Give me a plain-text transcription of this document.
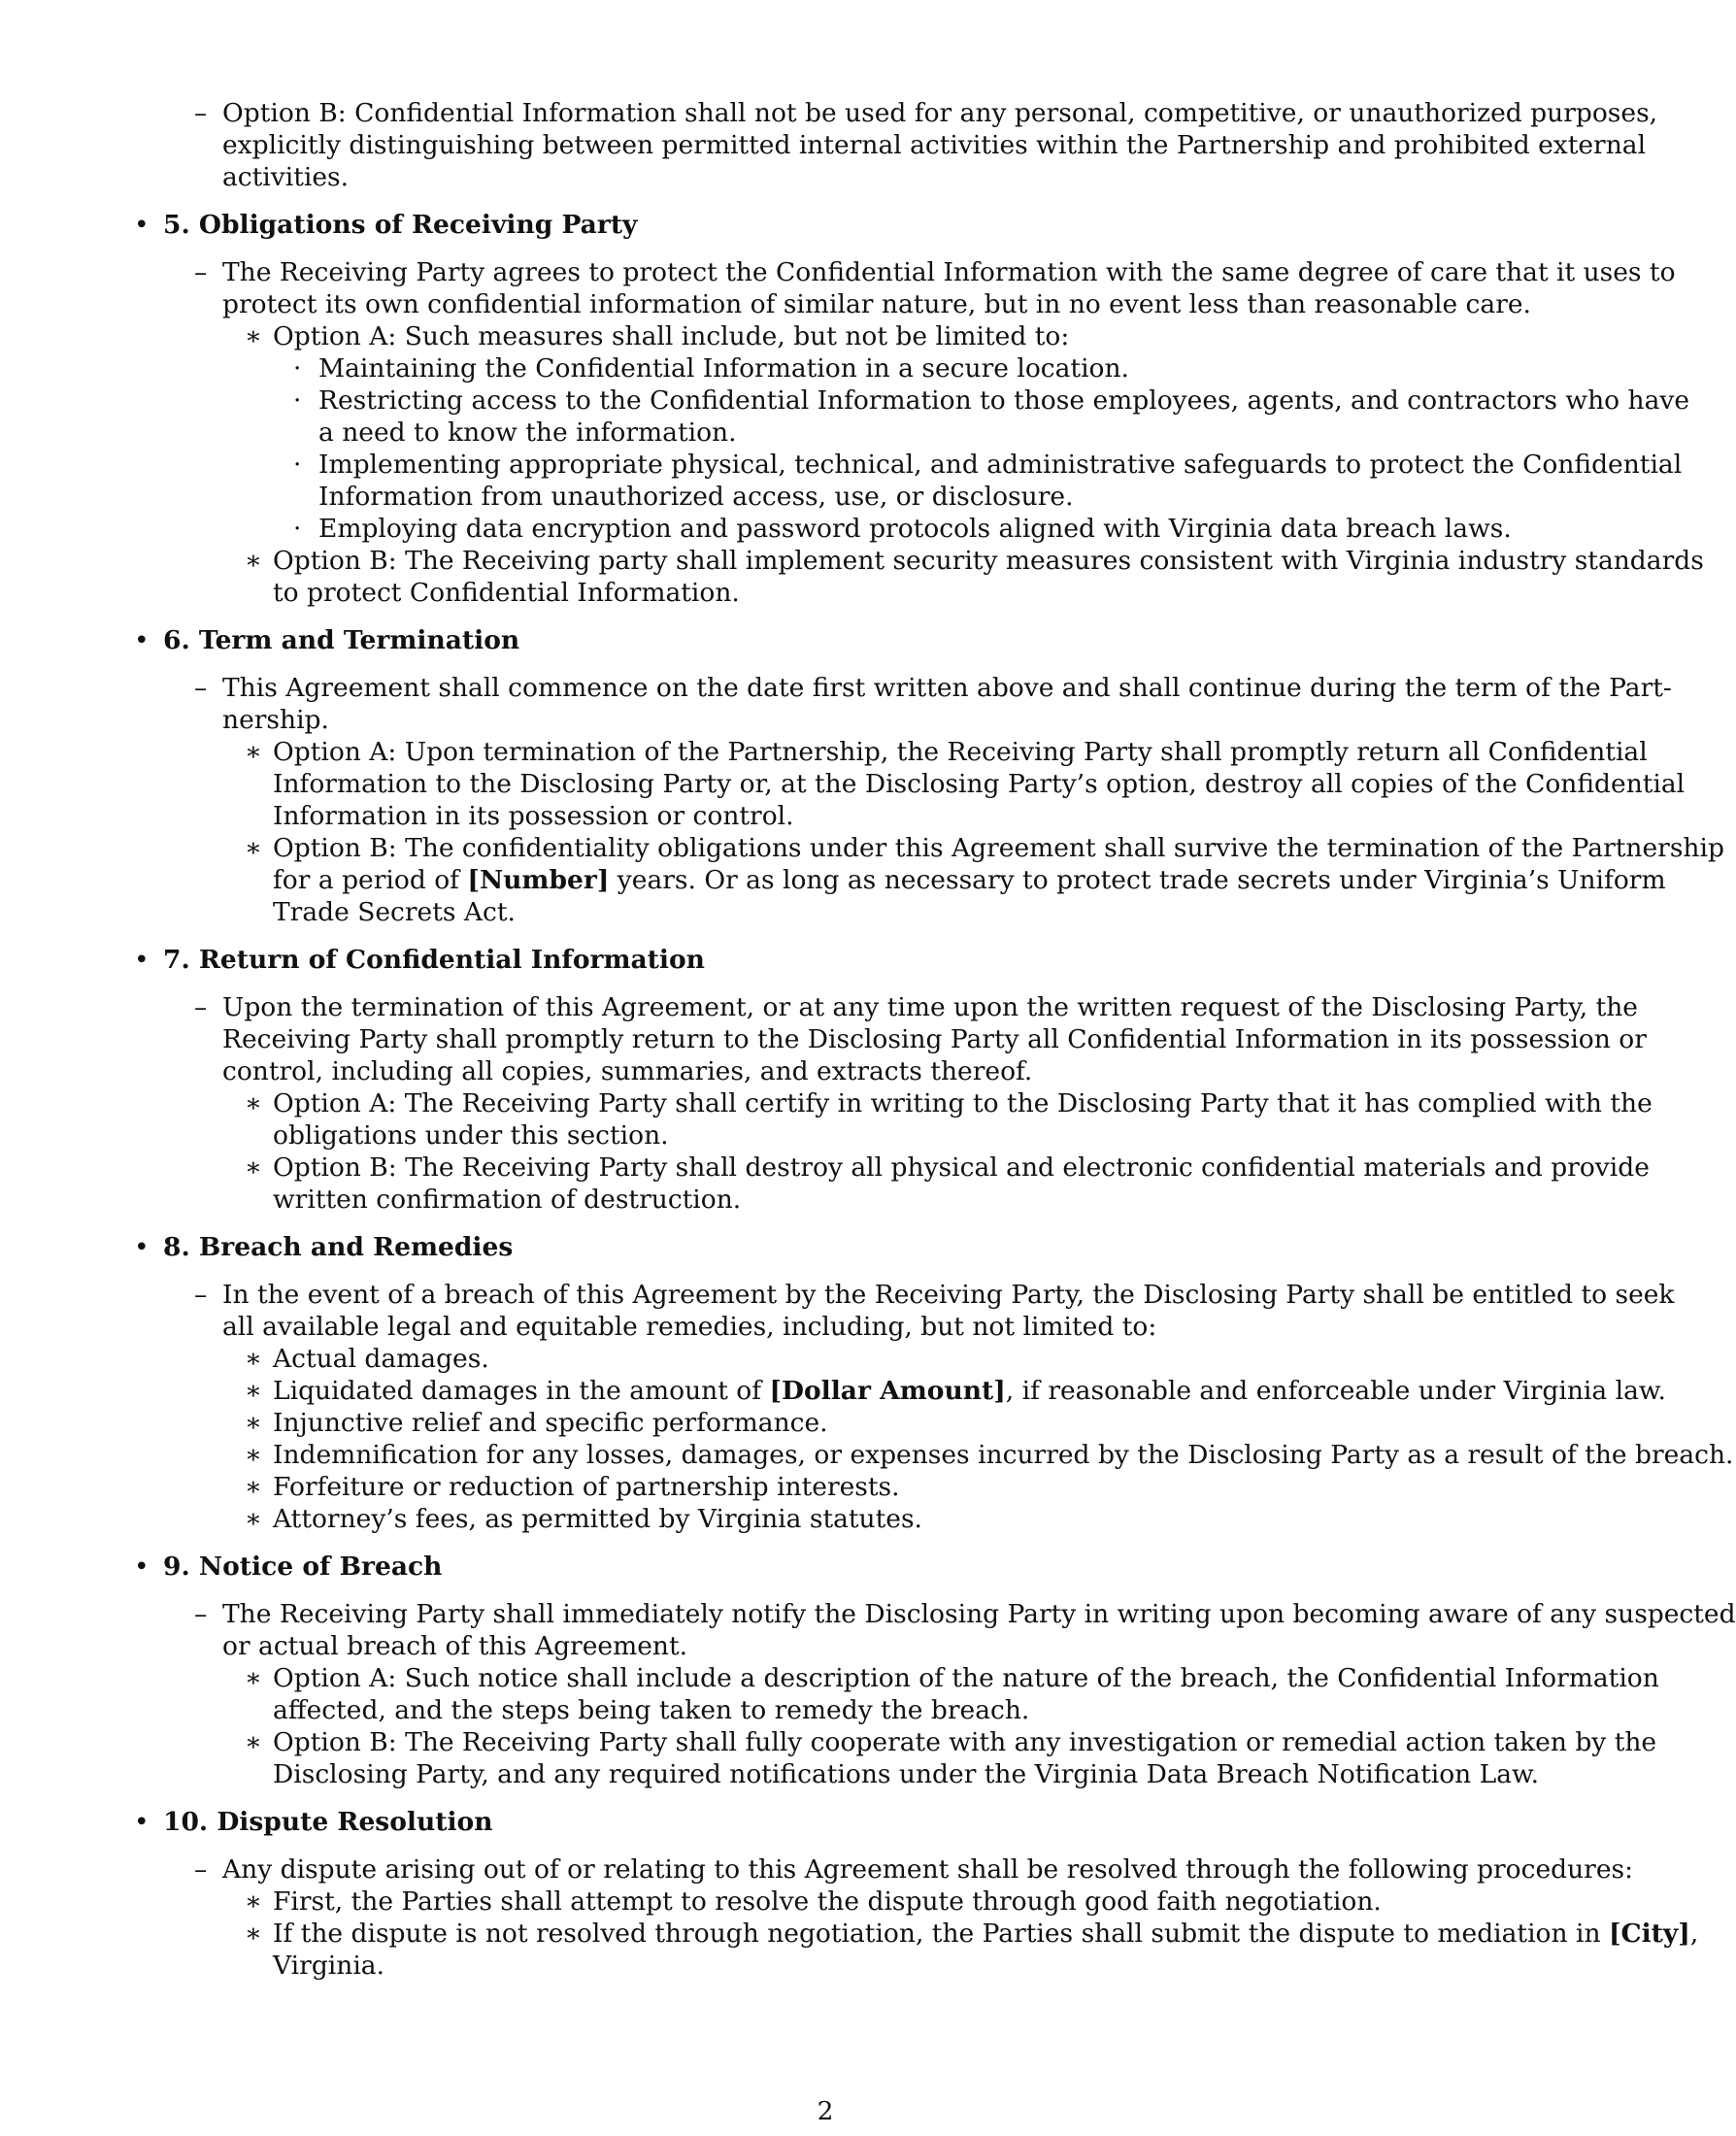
– Option B: Confidential Information shall not be used for any personal, competitive, or unauthorized purposes,
explicitly distinguishing between permitted internal activities within the Partnership and prohibited external
activities.
• 5. Obligations of Receiving Party
– The Receiving Party agrees to protect the Confidential Information with the same degree of care that it uses to
protect its own confidential information of similar nature, but in no event less than reasonable care.
∗ Option A: Such measures shall include, but not be limited to:
· Maintaining the Confidential Information in a secure location.
· Restricting access to the Confidential Information to those employees, agents, and contractors who have
a need to know the information.
· Implementing appropriate physical, technical, and administrative safeguards to protect the Confidential
Information from unauthorized access, use, or disclosure.
· Employing data encryption and password protocols aligned with Virginia data breach laws.
∗ Option B: The Receiving party shall implement security measures consistent with Virginia industry standards
to protect Confidential Information.
• 6. Term and Termination
– This Agreement shall commence on the date first written above and shall continue during the term of the Part-
nership.
∗ Option A: Upon termination of the Partnership, the Receiving Party shall promptly return all Confidential
Information to the Disclosing Party or, at the Disclosing Party’s option, destroy all copies of the Confidential
Information in its possession or control.
∗ Option B: The confidentiality obligations under this Agreement shall survive the termination of the Partnership
for a period of [Number] years. Or as long as necessary to protect trade secrets under Virginia’s Uniform
Trade Secrets Act.
• 7. Return of Confidential Information
– Upon the termination of this Agreement, or at any time upon the written request of the Disclosing Party, the
Receiving Party shall promptly return to the Disclosing Party all Confidential Information in its possession or
control, including all copies, summaries, and extracts thereof.
∗ Option A: The Receiving Party shall certify in writing to the Disclosing Party that it has complied with the
obligations under this section.
∗ Option B: The Receiving Party shall destroy all physical and electronic confidential materials and provide
written confirmation of destruction.
• 8. Breach and Remedies
– In the event of a breach of this Agreement by the Receiving Party, the Disclosing Party shall be entitled to seek
all available legal and equitable remedies, including, but not limited to:
∗ Actual damages.
∗ Liquidated damages in the amount of [Dollar Amount], if reasonable and enforceable under Virginia law.
∗ Injunctive relief and specific performance.
∗ Indemnification for any losses, damages, or expenses incurred by the Disclosing Party as a result of the breach.
∗ Forfeiture or reduction of partnership interests.
∗ Attorney’s fees, as permitted by Virginia statutes.
• 9. Notice of Breach
– The Receiving Party shall immediately notify the Disclosing Party in writing upon becoming aware of any suspected
or actual breach of this Agreement.
∗ Option A: Such notice shall include a description of the nature of the breach, the Confidential Information
affected, and the steps being taken to remedy the breach.
∗ Option B: The Receiving Party shall fully cooperate with any investigation or remedial action taken by the
Disclosing Party, and any required notifications under the Virginia Data Breach Notification Law.
• 10. Dispute Resolution
– Any dispute arising out of or relating to this Agreement shall be resolved through the following procedures:
∗ First, the Parties shall attempt to resolve the dispute through good faith negotiation.
∗ If the dispute is not resolved through negotiation, the Parties shall submit the dispute to mediation in [City],
Virginia.
2
